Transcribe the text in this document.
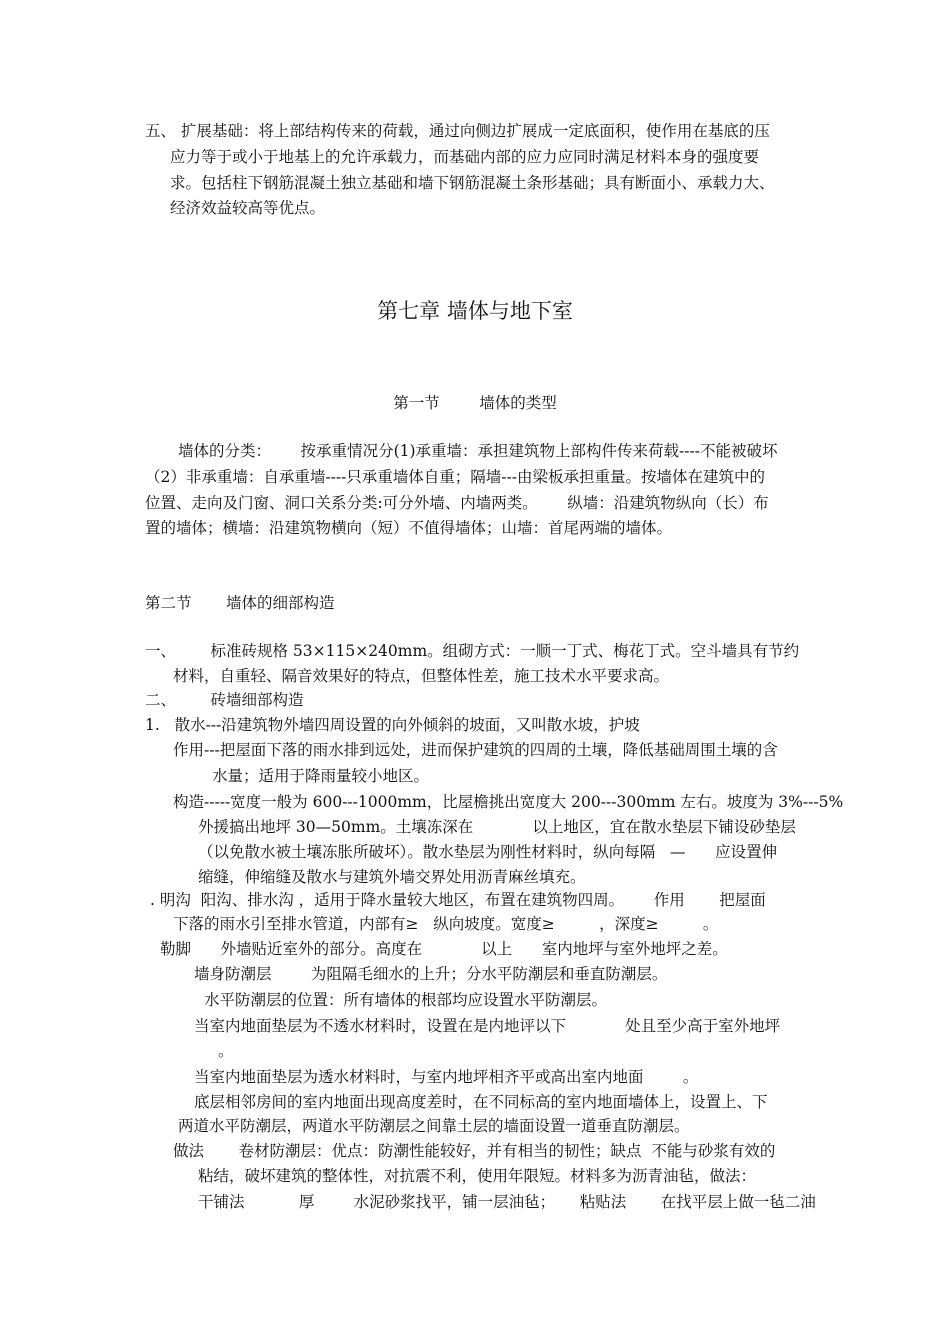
五、 扩展基础：将上部结构传来的荷载，通过向侧边扩展成一定底面积，使作用在基底的压
应力等于或小于地基上的允许承载力，而基础内部的应力应同时满足材料本身的强度要
求。包括柱下钢筋混凝土独立基础和墙下钢筋混凝土条形基础；具有断面小、承载力大、
经济效益较高等优点。
第七章 墙体与地下室
第一节        墙体的类型
墙体的分类：      按承重情况分(1)承重墙：承担建筑物上部构件传来荷载----不能被破坏
（2）非承重墙：自承重墙----只承重墙体自重；隔墙---由梁板承担重量。按墙体在建筑中的
位置、走向及门窗、洞口关系分类:可分外墙、内墙两类。      纵墙：沿建筑物纵向（长）布
置的墙体；横墙：沿建筑物横向（短）不值得墙体；山墙：首尾两端的墙体。
第二节       墙体的细部构造
一、       标准砖规格 53×115×240mm。组砌方式：一顺一丁式、梅花丁式。空斗墙具有节约
材料，自重轻、隔音效果好的特点，但整体性差，施工技术水平要求高。
二、       砖墙细部构造
1.   散水---沿建筑物外墙四周设置的向外倾斜的坡面，又叫散水坡，护坡
作用---把屋面下落的雨水排到远处，进而保护建筑的四周的土壤，降低基础周围土壤的含
水量；适用于降雨量较小地区。
构造-----宽度一般为 600---1000mm，比屋檐挑出宽度大 200---300mm 左右。坡度为 3%---5%
外援搞出地坪 30—50mm。土壤冻深在            以上地区，宜在散水垫层下铺设砂垫层
（以免散水被土壤冻胀所破坏）。散水垫层为刚性材料时，纵向每隔   —      应设置伸
缩缝，伸缩缝及散水与建筑外墙交界处用沥青麻丝填充。
. 明沟  阳沟、排水沟 ，适用于降水量较大地区，布置在建筑物四周。      作用       把屋面
下落的雨水引至排水管道，内部有≥   纵向坡度。宽度≥         ，深度≥         。
勒脚      外墙贴近室外的部分。高度在            以上      室内地坪与室外地坪之差。
墙身防潮层        为阻隔毛细水的上升；分水平防潮层和垂直防潮层。
水平防潮层的位置：所有墙体的根部均应设置水平防潮层。
当室内地面垫层为不透水材料时，设置在是内地评以下            处且至少高于室外地坪
。
当室内地面垫层为透水材料时，与室内地坪相齐平或高出室内地面        。
底层相邻房间的室内地面出现高度差时，在不同标高的室内地面墙体上，设置上、下
两道水平防潮层，两道水平防潮层之间靠土层的墙面设置一道垂直防潮层。
做法       卷材防潮层：优点：防潮性能较好，并有相当的韧性；缺点  不能与砂浆有效的
粘结，破坏建筑的整体性，对抗震不利，使用年限短。材料多为沥青油毡，做法：
干铺法           厚        水泥砂浆找平，铺一层油毡；     粘贴法       在找平层上做一毡二油
